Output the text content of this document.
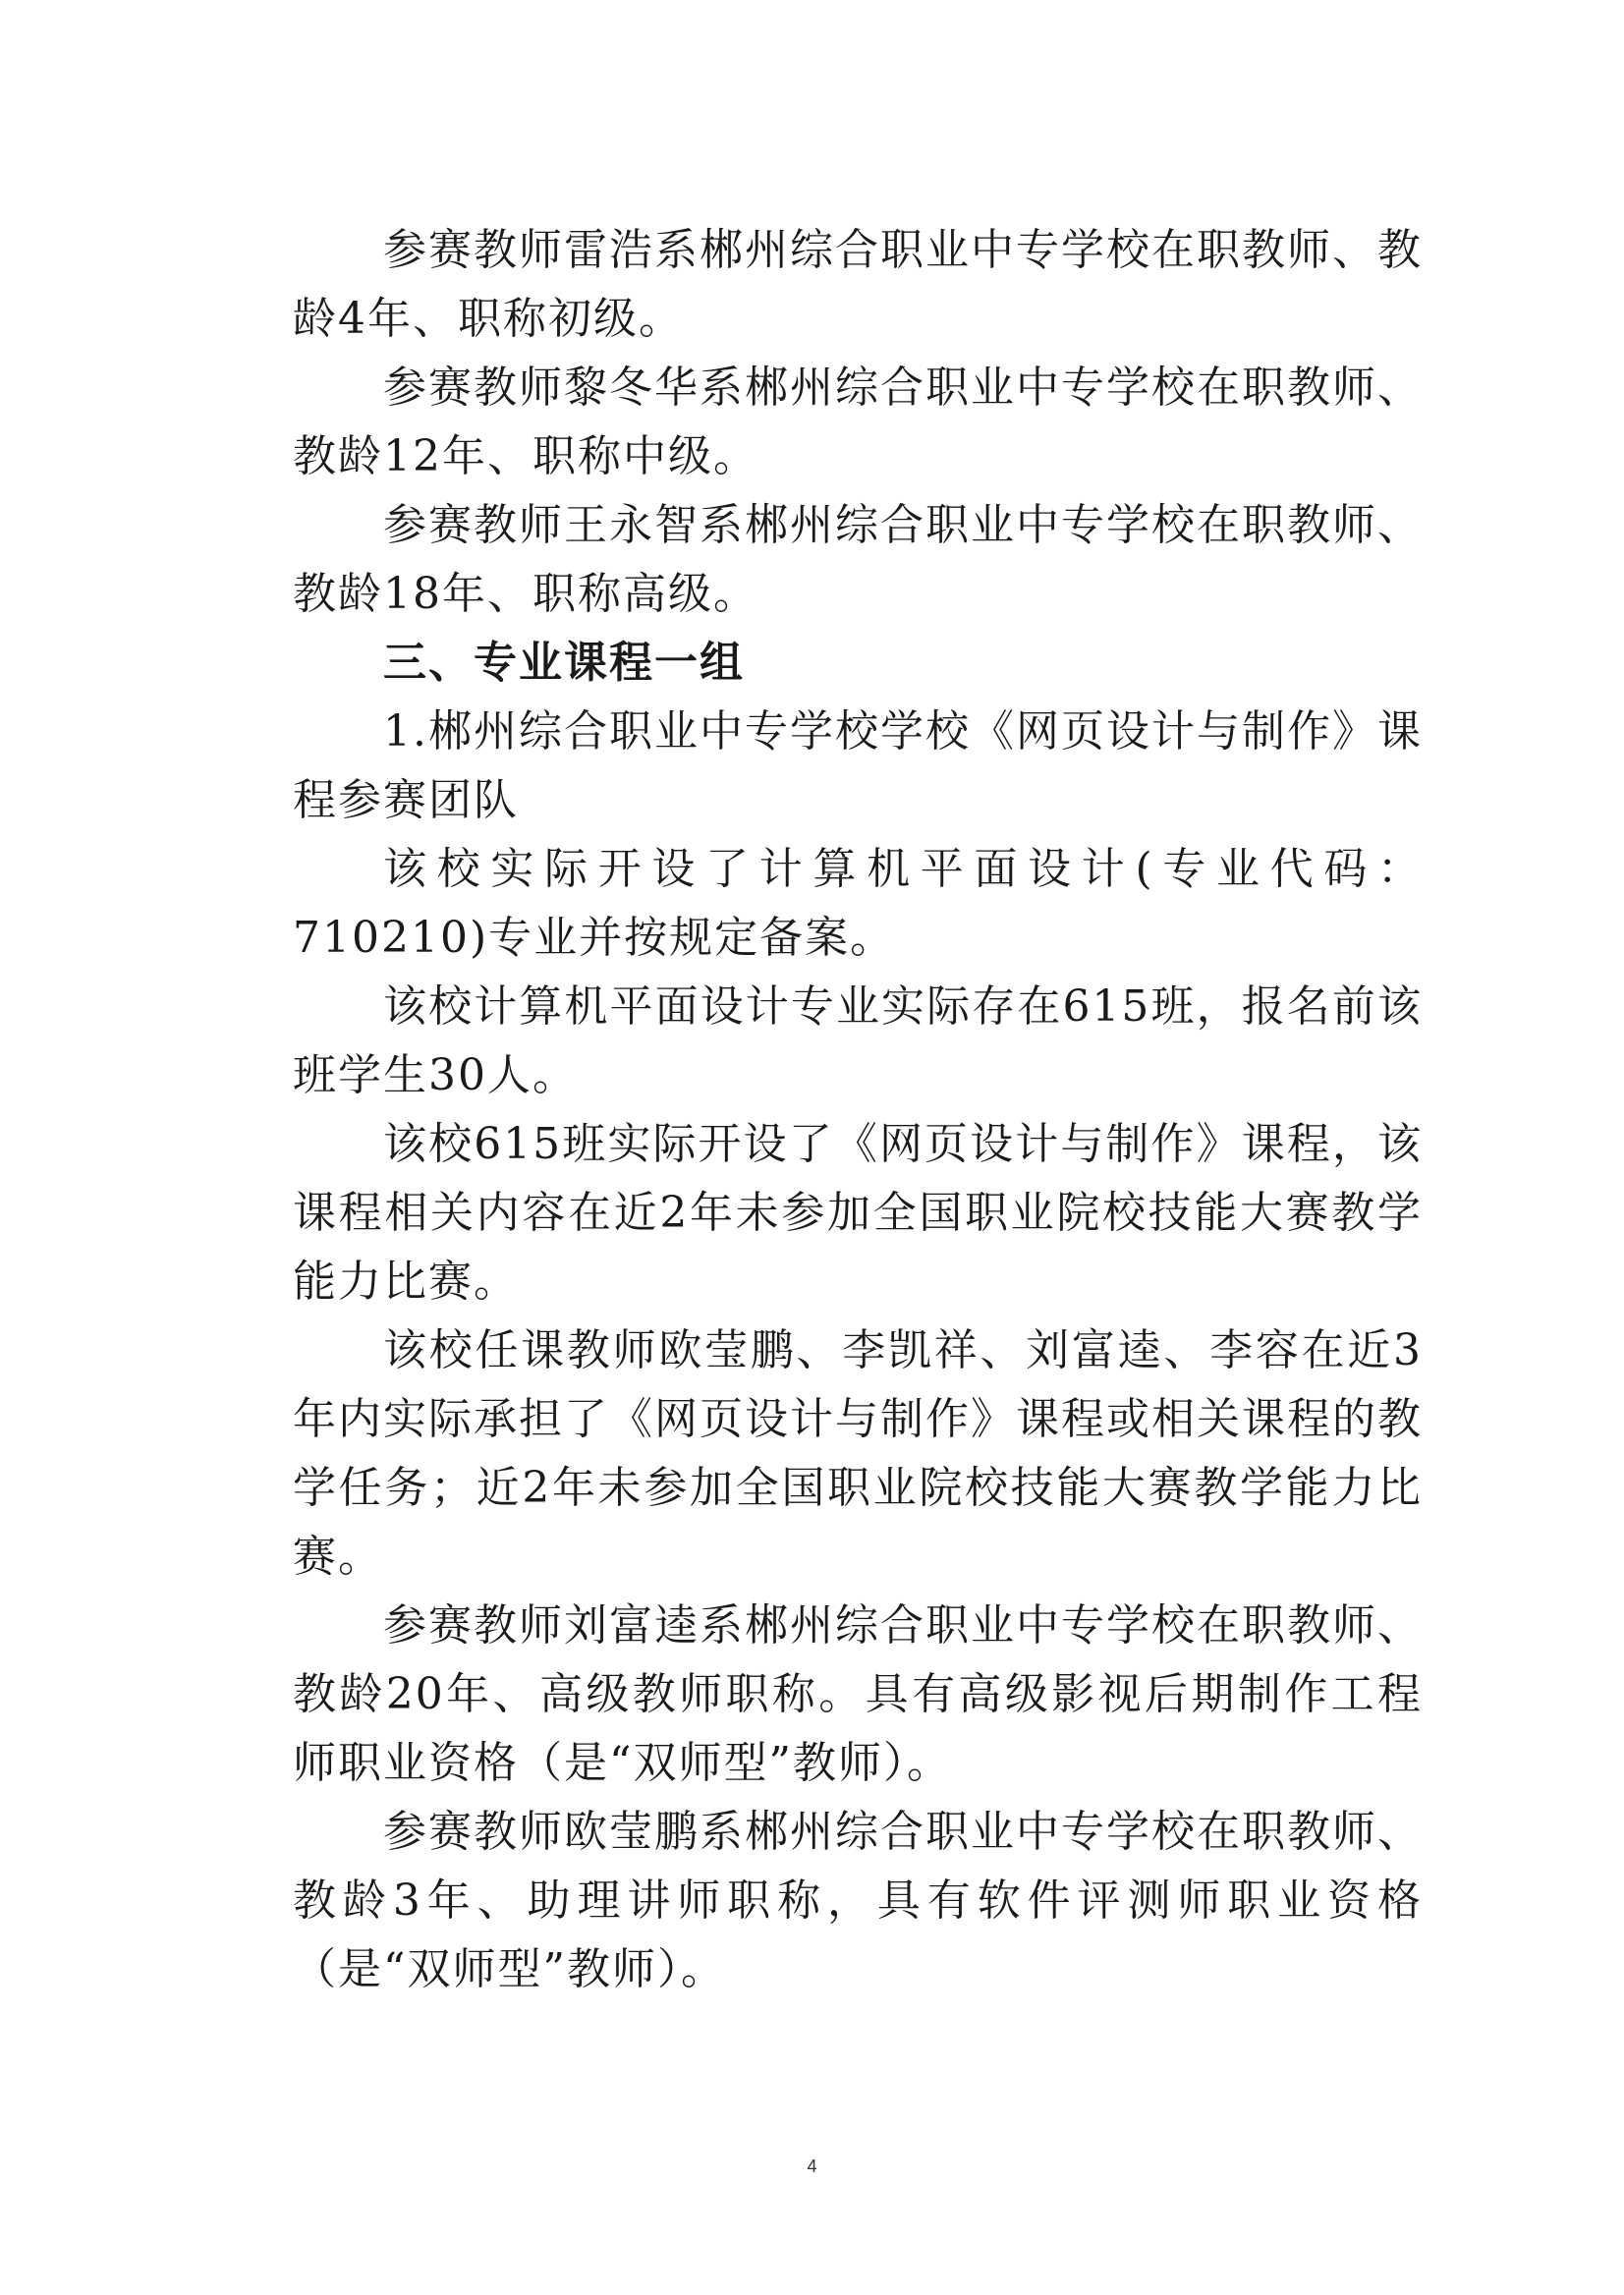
参赛教师雷浩系郴州综合职业中专学校在职教师、教龄4年、职称初级。

参赛教师黎冬华系郴州综合职业中专学校在职教师、教龄12年、职称中级。

参赛教师王永智系郴州综合职业中专学校在职教师、教龄18年、职称高级。

三、专业课程一组

1.郴州综合职业中专学校学校《网页设计与制作》课程参赛团队

该校实际开设了计算机平面设计(专业代码：710210)专业并按规定备案。

该校计算机平面设计专业实际存在615班，报名前该班学生30人。

该校615班实际开设了《网页设计与制作》课程，该课程相关内容在近2年未参加全国职业院校技能大赛教学能力比赛。

该校任课教师欧莹鹏、李凯祥、刘富逵、李容在近3年内实际承担了《网页设计与制作》课程或相关课程的教学任务；近2年未参加全国职业院校技能大赛教学能力比赛。

参赛教师刘富逵系郴州综合职业中专学校在职教师、教龄20年、高级教师职称。具有高级影视后期制作工程师职业资格（是“双师型”教师）。

参赛教师欧莹鹏系郴州综合职业中专学校在职教师、教龄3年、助理讲师职称，具有软件评测师职业资格（是“双师型”教师）。

4
